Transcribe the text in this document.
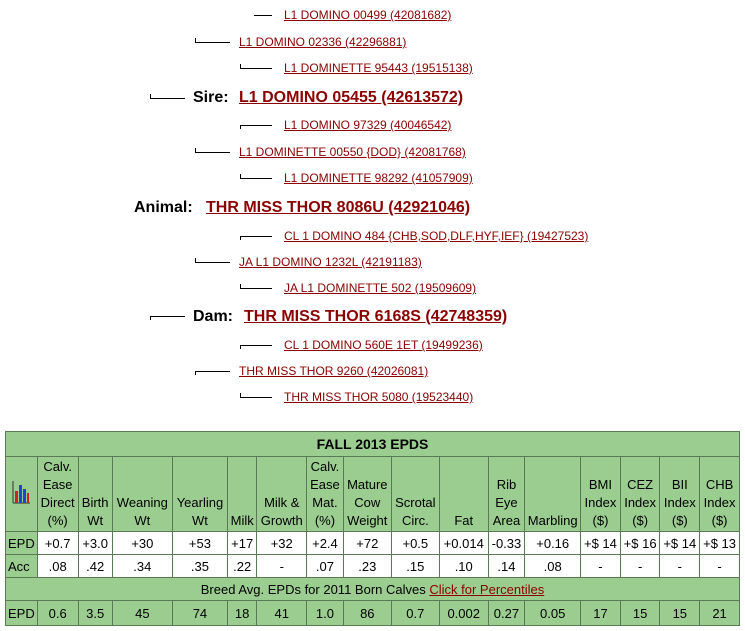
L1 DOMINO 00499 (42081682)
L1 DOMINO 02336 (42296881)
L1 DOMINETTE 95443 (19515138)
Sire: L1 DOMINO 05455 (42613572)
L1 DOMINO 97329 (40046542)
L1 DOMINETTE 00550 {DOD} (42081768)
L1 DOMINETTE 98292 (41057909)
Animal: THR MISS THOR 8086U (42921046)
CL 1 DOMINO 484 {CHB,SOD,DLF,HYF,IEF} (19427523)
JA L1 DOMINO 1232L (42191183)
JA L1 DOMINETTE 502 (19509609)
Dam: THR MISS THOR 6168S (42748359)
CL 1 DOMINO 560E 1ET (19499236)
THR MISS THOR 9260 (42026081)
THR MISS THOR 5080 (19523440)
FALL 2013 EPDS																
	Calv. Ease Direct (%)	Birth Wt	Weaning Wt	Yearling Wt	Milk	Milk & Growth	Calv. Ease Mat. (%)	Mature Cow Weight	Scrotal Circ.	Fat	Rib Eye Area	Marbling	BMI Index ($)	CEZ Index ($)	BII Index ($)	CHB Index ($)
EPD	+0.7	+3.0	+30	+53	+17	+32	+2.4	+72	+0.5	+0.014	-0.33	+0.16	+$ 14	+$ 16	+$ 14	+$ 13
Acc	.08	.42	.34	.35	.22	-	.07	.23	.15	.10	.14	.08	-	-	-	-
Breed Avg. EPDs for 2011 Born Calves Click for Percentiles																
EPD	0.6	3.5	45	74	18	41	1.0	86	0.7	0.002	0.27	0.05	17	15	15	21
